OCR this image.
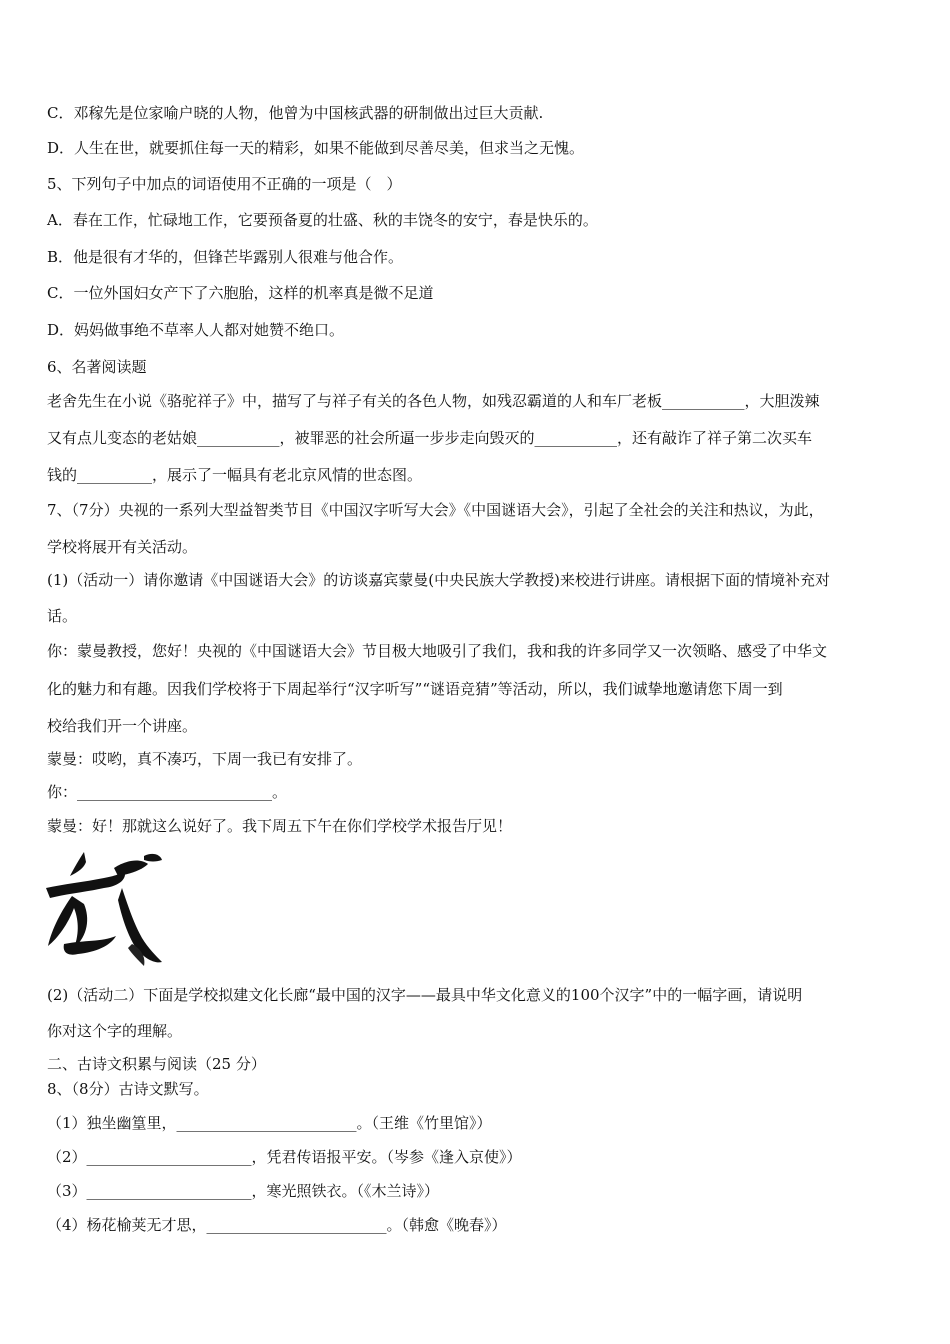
C．邓稼先是位家喻户晓的人物，他曾为中国核武器的研制做出过巨大贡献.
D．人生在世，就要抓住每一天的精彩，如果不能做到尽善尽美，但求当之无愧。
5、下列句子中加点的词语使用不正确的一项是（　）
A．春在工作，忙碌地工作，它要预备夏的壮盛、秋的丰饶冬的安宁，春是快乐的。
B．他是很有才华的，但锋芒毕露别人很难与他合作。
C．一位外国妇女产下了六胞胎，这样的机率真是微不足道
D．妈妈做事绝不草率人人都对她赞不绝口。
6、名著阅读题
老舍先生在小说《骆驼祥子》中，描写了与祥子有关的各色人物，如残忍霸道的人和车厂老板___________，大胆泼辣
又有点儿变态的老姑娘___________，被罪恶的社会所逼一步步走向毁灭的___________，还有敲诈了祥子第二次买车
钱的__________，展示了一幅具有老北京风情的世态图。
7、（7分）央视的一系列大型益智类节目《中国汉字听写大会》《中国谜语大会》，引起了全社会的关注和热议，为此，
学校将展开有关活动。
(1)（活动一）请你邀请《中国谜语大会》的访谈嘉宾蒙曼(中央民族大学教授)来校进行讲座。请根据下面的情境补充对
话。
你：蒙曼教授，您好！央视的《中国谜语大会》节目极大地吸引了我们，我和我的许多同学又一次领略、感受了中华文
化的魅力和有趣。因我们学校将于下周起举行“汉字听写”“谜语竞猜”等活动，所以，我们诚挚地邀请您下周一到
校给我们开一个讲座。
蒙曼：哎哟，真不凑巧，下周一我已有安排了。
你：__________________________。
蒙曼：好！那就这么说好了。我下周五下午在你们学校学术报告厅见！
(2)（活动二）下面是学校拟建文化长廊“最中国的汉字——最具中华文化意义的100个汉字”中的一幅字画，请说明
你对这个字的理解。
二、古诗文积累与阅读（25 分）
8、（8分）古诗文默写。
（1）独坐幽篁里，________________________。（王维《竹里馆》）
（2）______________________，凭君传语报平安。（岑参《逢入京使》）
（3）______________________，寒光照铁衣。（《木兰诗》）
（4）杨花榆荚无才思，________________________。（韩愈《晚春》）
